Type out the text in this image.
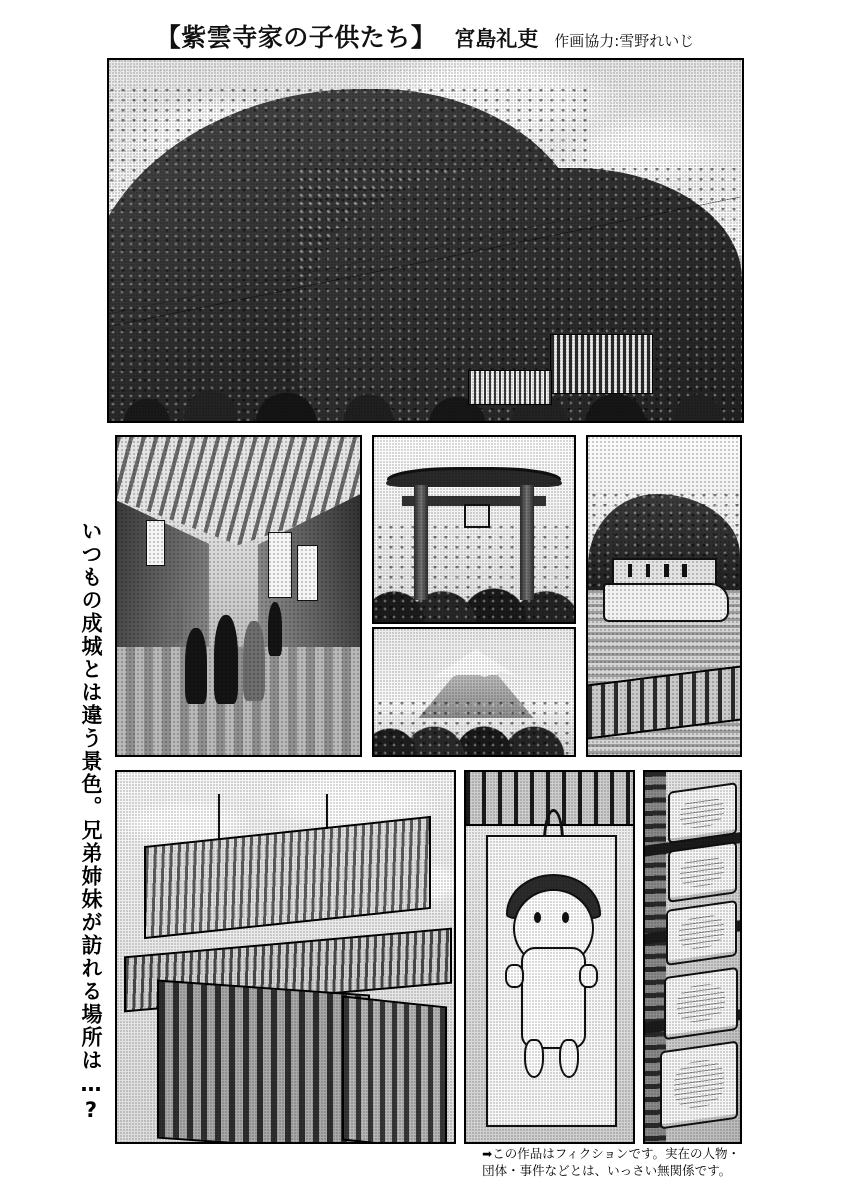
【紫雲寺家の子供たち】 宮島礼吏 作画協力:雪野れいじ
いつもの成城とは違う景色。兄弟姉妹が訪れる場所は…?
➡この作品はフィクションです。実在の人物・
団体・事件などとは、いっさい無関係です。
